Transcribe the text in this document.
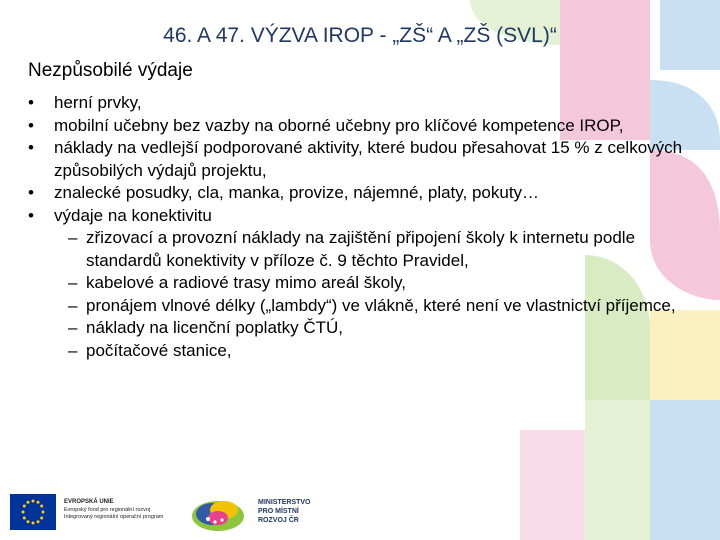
46. A 47. VÝZVA IROP - „ZŠ“ A „ZŠ (SVL)“
Nezpůsobilé výdaje
• herní prvky,
• mobilní učebny bez vazby na oborné učebny pro klíčové kompetence IROP,
• náklady na vedlejší podporované aktivity, které budou přesahovat 15 % z celkových způsobilých výdajů projektu,
• znalecké posudky, cla, manka, provize, nájemné, platy, pokuty…
• výdaje na konektivitu
– zřizovací a provozní náklady na zajištění připojení školy k internetu podle standardů konektivity v příloze č. 9 těchto Pravidel,
– kabelové a radiové trasy mimo areál školy,
– pronájem vlnové délky („lambdy“) ve vlákně, které není ve vlastnictví příjemce,
– náklady na licenční poplatky ČTÚ,
– počítačové stanice,
EVROPSKÁ UNIE
Evropský fond pro regionální rozvoj
Integrovaný regionální operační program
MINISTERSTVO
PRO MÍSTNÍ
ROZVOJ ČR
